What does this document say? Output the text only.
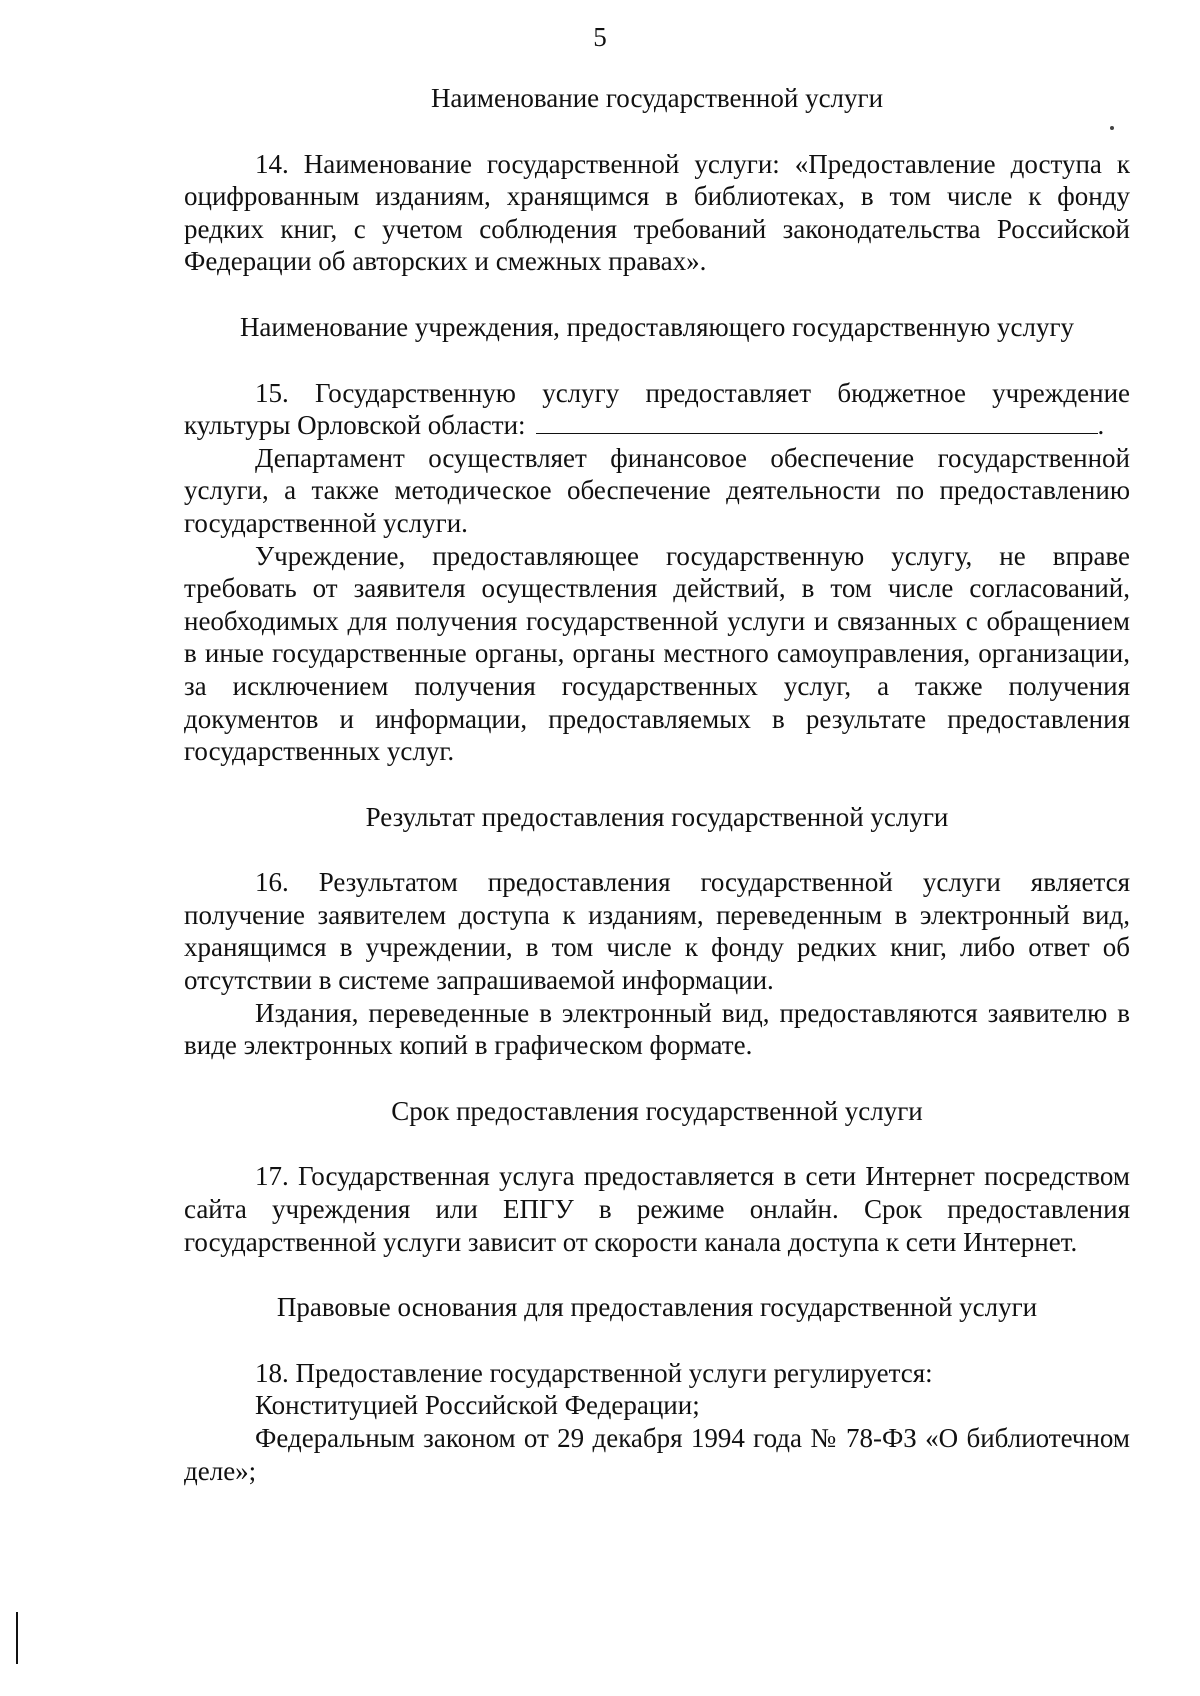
5

Наименование государственной услуги

14. Наименование государственной услуги: «Предоставление доступа к оцифрованным изданиям, хранящимся в библиотеках, в том числе к фонду редких книг, с учетом соблюдения требований законодательства Российской Федерации об авторских и смежных правах».

Наименование учреждения, предоставляющего государственную услугу

15. Государственную услугу предоставляет бюджетное учреждение культуры Орловской области:	.

Департамент осуществляет финансовое обеспечение государственной услуги, а также методическое обеспечение деятельности по предоставлению государственной услуги.

Учреждение, предоставляющее государственную услугу, не вправе требовать от заявителя осуществления действий, в том числе согласований, необходимых для получения государственной услуги и связанных с обращением в иные государственные органы, органы местного самоуправления, организации, за исключением получения государственных услуг, а также получения документов и информации, предоставляемых в результате предоставления государственных услуг.

Результат предоставления государственной услуги

16. Результатом предоставления государственной услуги является получение заявителем доступа к изданиям, переведенным в электронный вид, хранящимся в учреждении, в том числе к фонду редких книг, либо ответ об отсутствии в системе запрашиваемой информации.

Издания, переведенные в электронный вид, предоставляются заявителю в виде электронных копий в графическом формате.

Срок предоставления государственной услуги

17. Государственная услуга предоставляется в сети Интернет посредством сайта учреждения или ЕПГУ в режиме онлайн. Срок предоставления государственной услуги зависит от скорости канала доступа к сети Интернет.

Правовые основания для предоставления государственной услуги

18. Предоставление государственной услуги регулируется:

Конституцией Российской Федерации;

Федеральным законом от 29 декабря 1994 года № 78-ФЗ «О библиотечном деле»;
